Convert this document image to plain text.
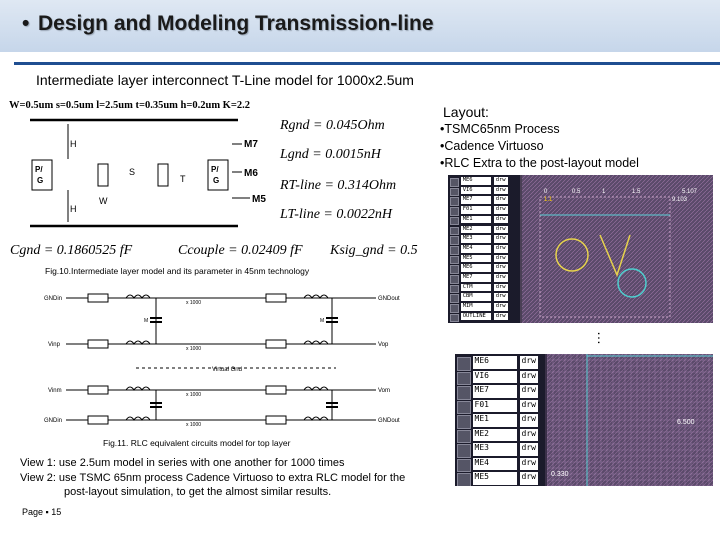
• Design and Modeling Transmission-line
Intermediate layer interconnect T-Line model for 1000x2.5um
W=0.5um s=0.5um l=2.5um t=0.35um h=0.2um K=2.2
H
H
P/
G
P/
G
S
T
W
M7
M6
M5
Rgnd = 0.045Ohm
Lgnd = 0.0015nH
RT-line = 0.314Ohm
LT-line = 0.0022nH
Cgnd = 0.1860525 fF	Ccouple = 0.02409 fF Ksig_gnd = 0.5
Fig.10.Intermediate layer model and its parameter in 45nm technology
GNDin
Vinp
Vinm
GNDin
GNDout
Vop
Vom
GNDout
Virtual Gnd
x 1000
x 1000
x 1000
x 1000
M	M
Fig.11. RLC equivalent circuits model for top layer
View 1: use 2.5um model in series with one another for 1000 times
View 2: use TSMC 65nm process Cadence Virtuoso to extra RLC model for the
post-layout simulation, to get the almost similar results.
Layout:
•TSMC65nm Process
•Cadence Virtuoso
•RLC Extra to the post-layout model
ME6	drw
VI6	drw
ME7	drw
F01	drw
ME1	drw
ME2	drw
ME3	drw
ME4	drw
ME5	drw
ME6	drw
ME7	drw
CTM	drw
CBM	drw
MIM	drw
OUTLINE	drw
0	0.5	1	1.5	5.107
1.1	9.103
…
ME6	drw
VI6	drw
ME7	drw
F01	drw
ME1	drw
ME2	drw
ME3	drw
ME4	drw
ME5	drw
6.500
0.330
Page ▪ 15
